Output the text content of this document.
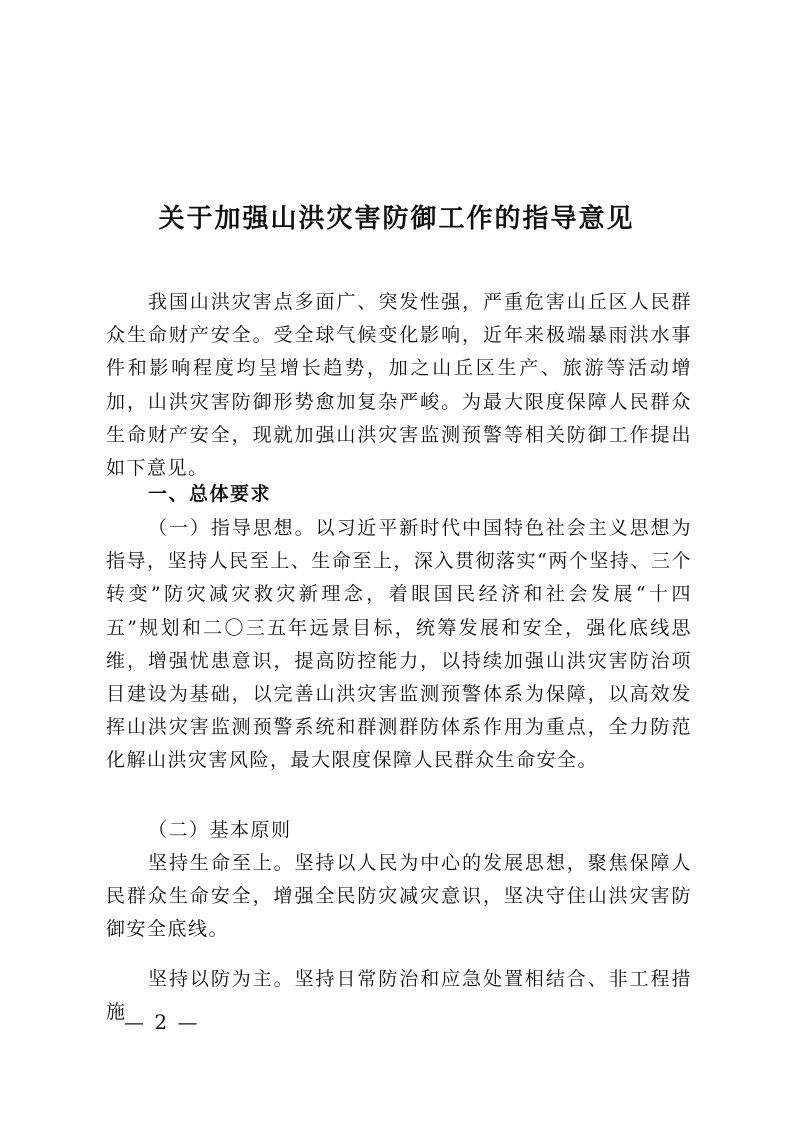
关于加强山洪灾害防御工作的指导意见

我国山洪灾害点多面广、突发性强，严重危害山丘区人民群众生命财产安全。受全球气候变化影响，近年来极端暴雨洪水事件和影响程度均呈增长趋势，加之山丘区生产、旅游等活动增加，山洪灾害防御形势愈加复杂严峻。为最大限度保障人民群众生命财产安全，现就加强山洪灾害监测预警等相关防御工作提出如下意见。

一、总体要求

（一）指导思想。以习近平新时代中国特色社会主义思想为指导，坚持人民至上、生命至上，深入贯彻落实“两个坚持、三个转变”防灾减灾救灾新理念，着眼国民经济和社会发展“十四五”规划和二〇三五年远景目标，统筹发展和安全，强化底线思维，增强忧患意识，提高防控能力，以持续加强山洪灾害防治项目建设为基础，以完善山洪灾害监测预警体系为保障，以高效发挥山洪灾害监测预警系统和群测群防体系作用为重点，全力防范化解山洪灾害风险，最大限度保障人民群众生命安全。

（二）基本原则

坚持生命至上。坚持以人民为中心的发展思想，聚焦保障人民群众生命安全，增强全民防灾减灾意识，坚决守住山洪灾害防御安全底线。

坚持以防为主。坚持日常防治和应急处置相结合、非工程措施

— 2 —
